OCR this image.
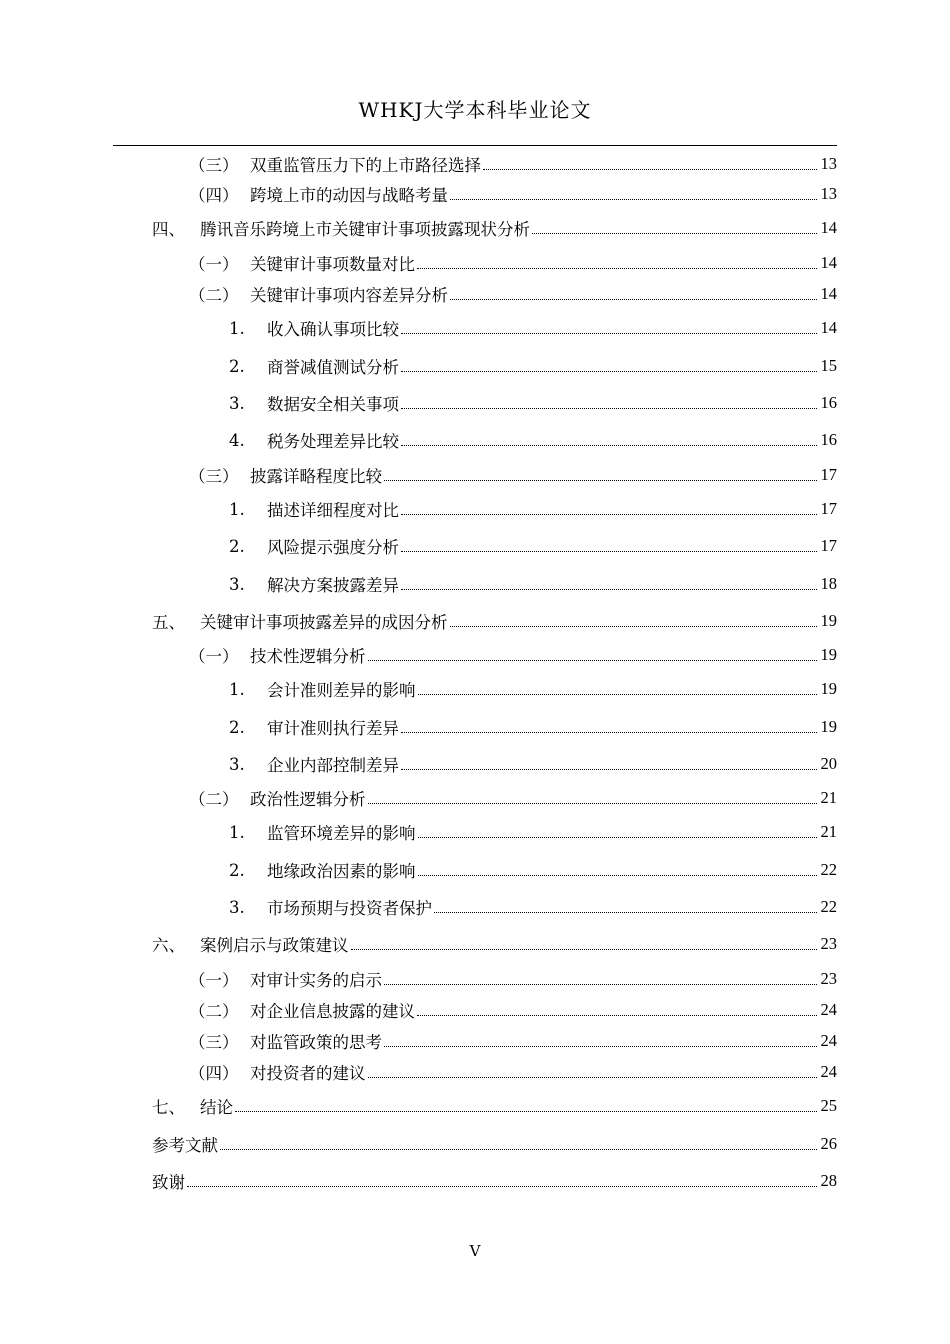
WHKJ大学本科毕业论文
（三） 双重监管压力下的上市路径选择	13
（四） 跨境上市的动因与战略考量	13
四、 腾讯音乐跨境上市关键审计事项披露现状分析	14
（一） 关键审计事项数量对比	14
（二） 关键审计事项内容差异分析	14
1.	收入确认事项比较	14
2.	商誉减值测试分析	15
3.	数据安全相关事项	16
4.	税务处理差异比较	16
（三） 披露详略程度比较	17
1.	描述详细程度对比	17
2.	风险提示强度分析	17
3.	解决方案披露差异	18
五、 关键审计事项披露差异的成因分析	19
（一） 技术性逻辑分析	19
1.	会计准则差异的影响	19
2.	审计准则执行差异	19
3.	企业内部控制差异	20
（二） 政治性逻辑分析	21
1.	监管环境差异的影响	21
2.	地缘政治因素的影响	22
3.	市场预期与投资者保护	22
六、 案例启示与政策建议	23
（一） 对审计实务的启示	23
（二） 对企业信息披露的建议	24
（三） 对监管政策的思考	24
（四） 对投资者的建议	24
七、 结论	25
参考文献	26
致谢	28
V
